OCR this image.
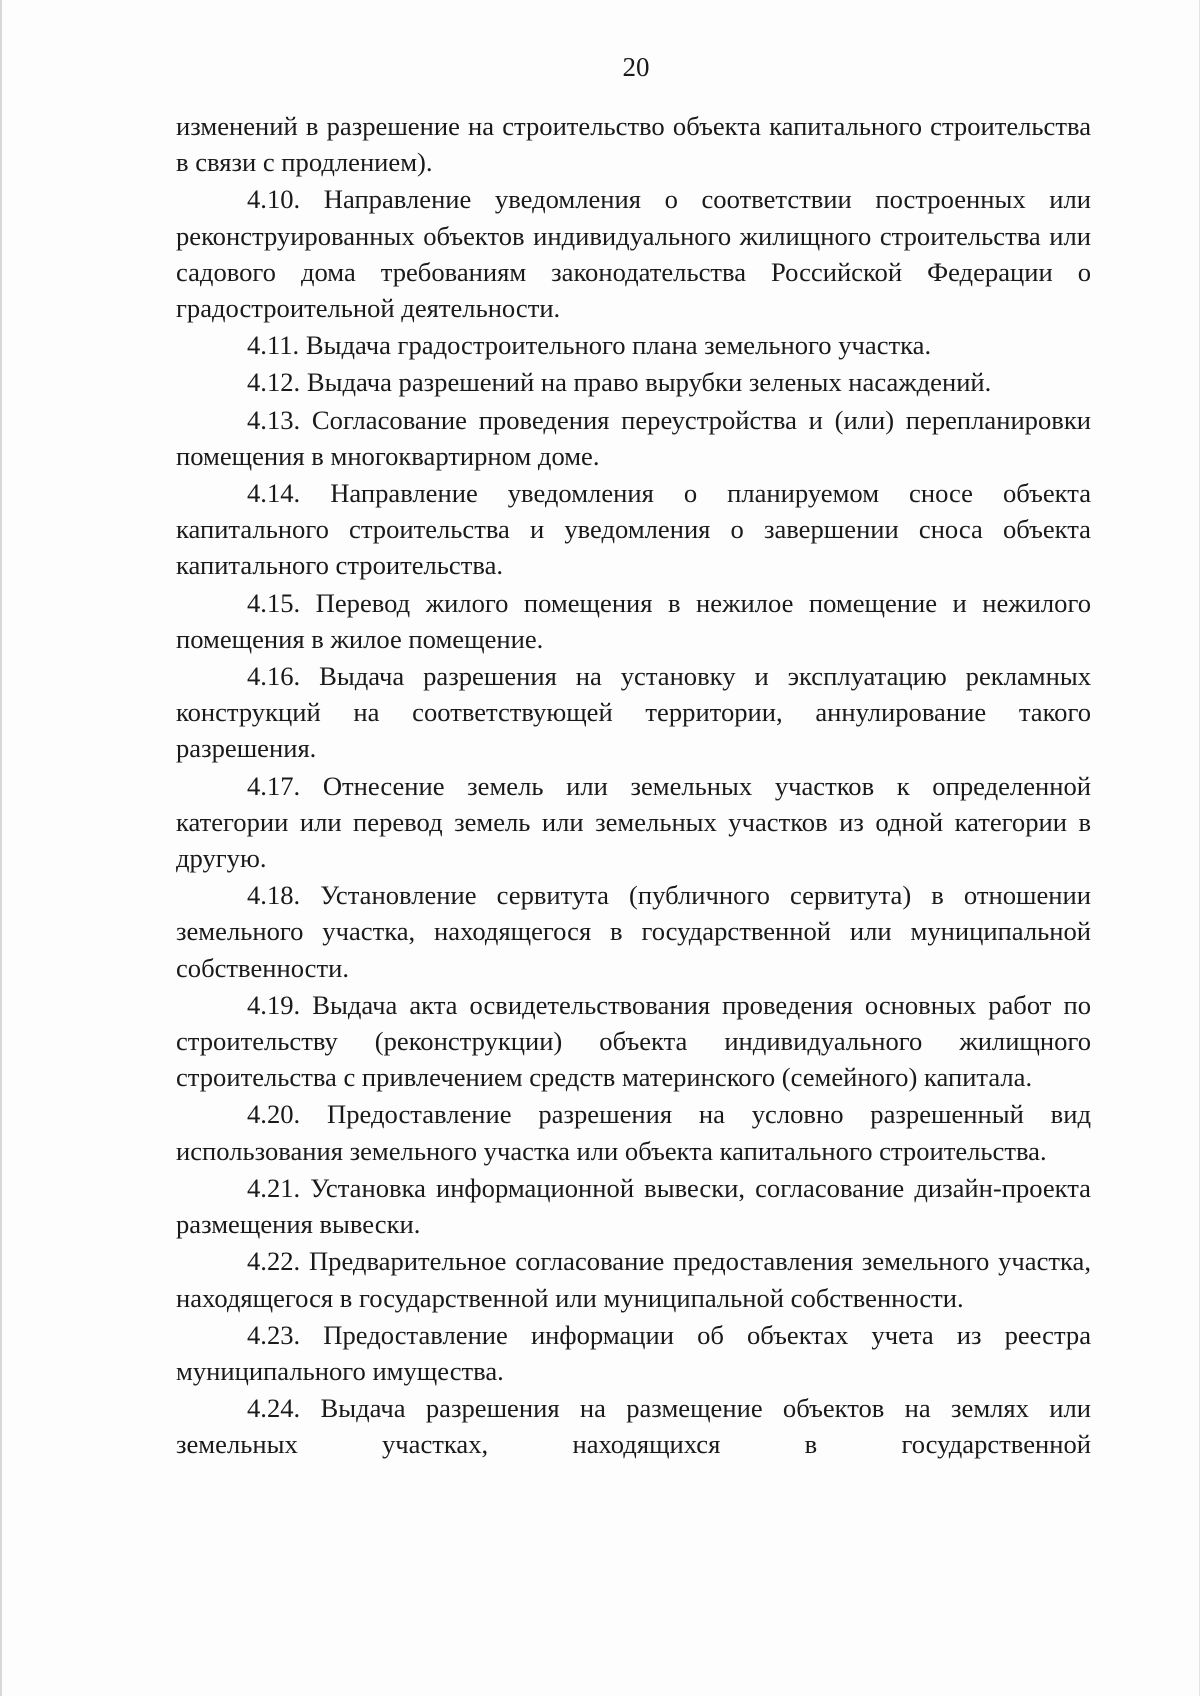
20

изменений в разрешение на строительство объекта капитального строительства в связи с продлением).

4.10. Направление уведомления о соответствии построенных или реконструированных объектов индивидуального жилищного строительства или садового дома требованиям законодательства Российской Федерации о градостроительной деятельности.

4.11. Выдача градостроительного плана земельного участка.

4.12. Выдача разрешений на право вырубки зеленых насаждений.

4.13. Согласование проведения переустройства и (или) перепланировки помещения в многоквартирном доме.

4.14. Направление уведомления о планируемом сносе объекта капитального строительства и уведомления о завершении сноса объекта капитального строительства.

4.15. Перевод жилого помещения в нежилое помещение и нежилого помещения в жилое помещение.

4.16. Выдача разрешения на установку и эксплуатацию рекламных конструкций на соответствующей территории, аннулирование такого разрешения.

4.17. Отнесение земель или земельных участков к определенной категории или перевод земель или земельных участков из одной категории в другую.

4.18. Установление сервитута (публичного сервитута) в отношении земельного участка, находящегося в государственной или муниципальной собственности.

4.19. Выдача акта освидетельствования проведения основных работ по строительству (реконструкции) объекта индивидуального жилищного строительства с привлечением средств материнского (семейного) капитала.

4.20. Предоставление разрешения на условно разрешенный вид использования земельного участка или объекта капитального строительства.

4.21. Установка информационной вывески, согласование дизайн-проекта размещения вывески.

4.22. Предварительное согласование предоставления земельного участка, находящегося в государственной или муниципальной собственности.

4.23. Предоставление информации об объектах учета из реестра муниципального имущества.

4.24. Выдача разрешения на размещение объектов на землях или земельных участках, находящихся в государственной
